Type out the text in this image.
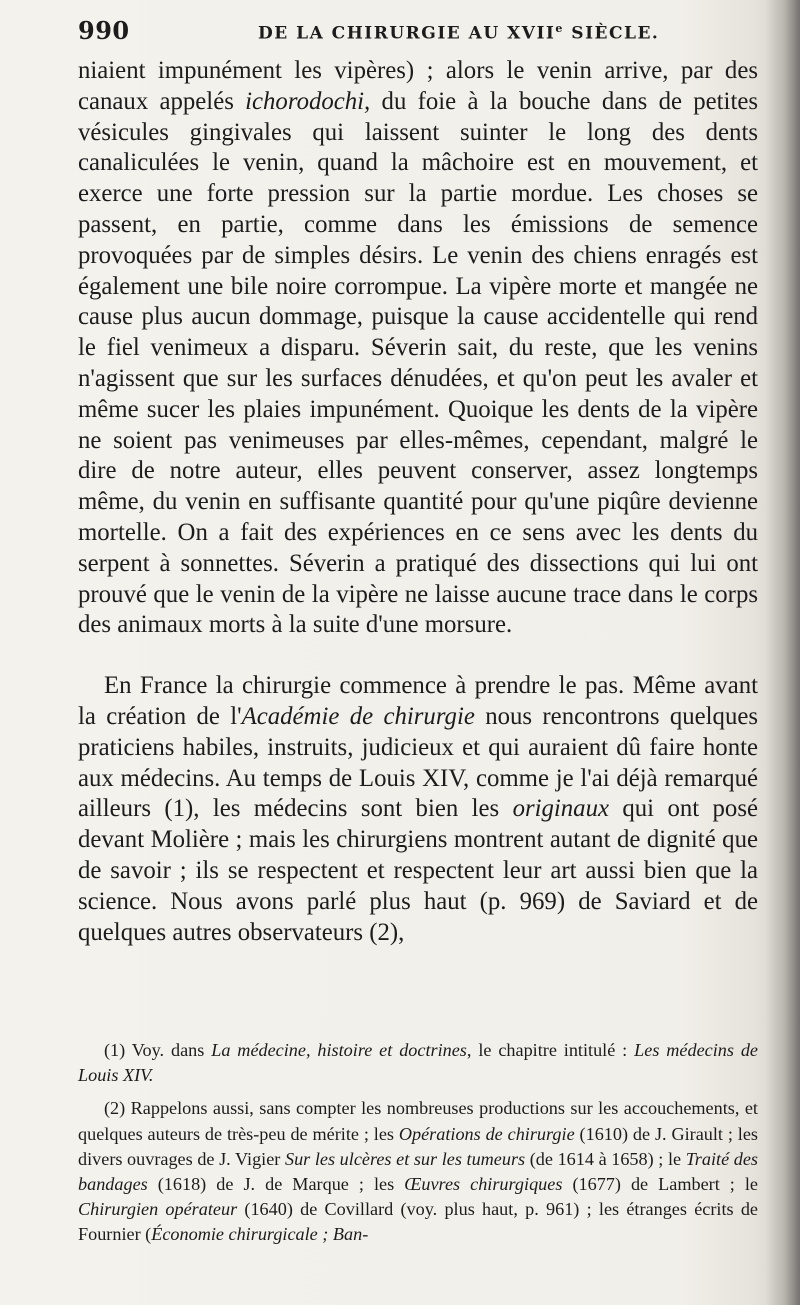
990	DE LA CHIRURGIE AU XVIIe SIÈCLE.

niaient impunément les vipères) ; alors le venin arrive, par des canaux appelés ichorodochi, du foie à la bouche dans de petites vésicules gingivales qui laissent suinter le long des dents canaliculées le venin, quand la mâchoire est en mouvement, et exerce une forte pression sur la partie mordue. Les choses se passent, en partie, comme dans les émissions de semence provoquées par de simples désirs. Le venin des chiens enragés est également une bile noire corrompue. La vipère morte et mangée ne cause plus aucun dommage, puisque la cause accidentelle qui rend le fiel venimeux a disparu. Séverin sait, du reste, que les venins n'agissent que sur les surfaces dénudées, et qu'on peut les avaler et même sucer les plaies impunément. Quoique les dents de la vipère ne soient pas venimeuses par elles-mêmes, cependant, malgré le dire de notre auteur, elles peuvent conserver, assez longtemps même, du venin en suffisante quantité pour qu'une piqûre devienne mortelle. On a fait des expériences en ce sens avec les dents du serpent à sonnettes. Séverin a pratiqué des dissections qui lui ont prouvé que le venin de la vipère ne laisse aucune trace dans le corps des animaux morts à la suite d'une morsure.

En France la chirurgie commence à prendre le pas. Même avant la création de l'Académie de chirurgie nous rencontrons quelques praticiens habiles, instruits, judicieux et qui auraient dû faire honte aux médecins. Au temps de Louis XIV, comme je l'ai déjà remarqué ailleurs (1), les médecins sont bien les originaux qui ont posé devant Molière ; mais les chirurgiens montrent autant de dignité que de savoir ; ils se respectent et respectent leur art aussi bien que la science. Nous avons parlé plus haut (p. 969) de Saviard et de quelques autres observateurs (2),

(1) Voy. dans La médecine, histoire et doctrines, le chapitre intitulé : Les médecins de Louis XIV.

(2) Rappelons aussi, sans compter les nombreuses productions sur les accouchements, et quelques auteurs de très-peu de mérite ; les Opérations de chirurgie (1610) de J. Girault ; les divers ouvrages de J. Vigier Sur les ulcères et sur les tumeurs (de 1614 à 1658) ; le Traité des bandages (1618) de J. de Marque ; les Œuvres chirurgiques (1677) de Lambert ; le Chirurgien opérateur (1640) de Covillard (voy. plus haut, p. 961) ; les étranges écrits de Fournier (Économie chirurgicale ; Ban-
